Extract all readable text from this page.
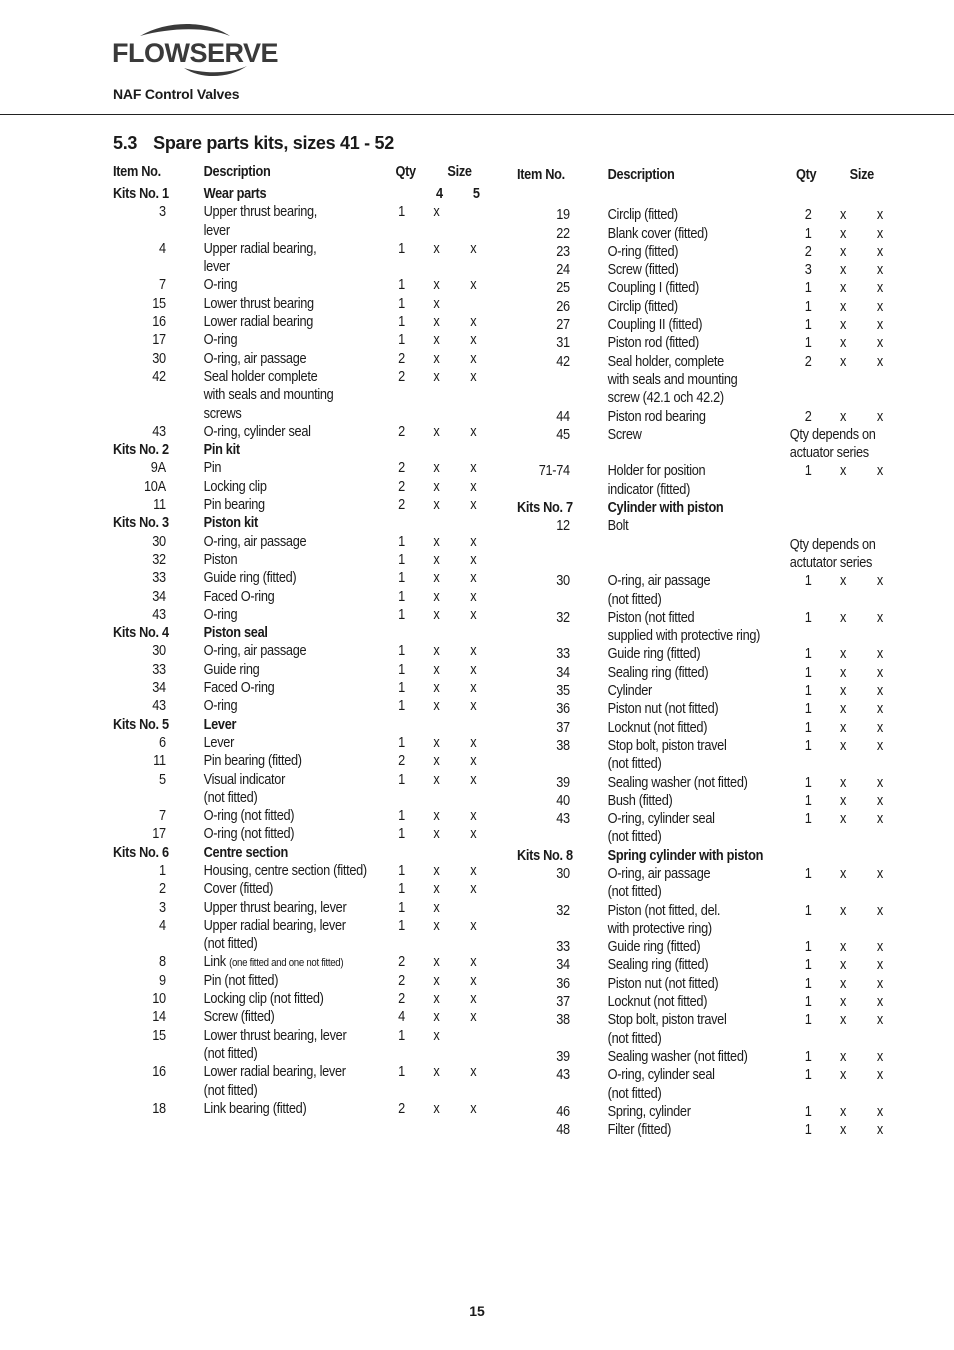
FLOWSERVE
NAF Control Valves
5.3 Spare parts kits, sizes 41 - 52
Item No.	Description	Qty Size
Kits No. 1 Wear parts	4 5
3	Upper thrust bearing,	1 x
lever
4	Upper radial bearing,	1 x x
lever
7	O-ring	1 x x
15	Lower thrust bearing	1 x
16	Lower radial bearing	1 x x
17	O-ring	1 x x
30	O-ring, air passage	2 x x
42	Seal holder complete	2 x x
with seals and mounting
screws
43	O-ring, cylinder seal	2 x x
Kits No. 2 Pin kit
9A	Pin	2 x x
10A	Locking clip	2 x x
11	Pin bearing	2 x x
Kits No. 3 Piston kit
30	O-ring, air passage	1 x x
32	Piston	1 x x
33	Guide ring (fitted)	1 x x
34	Faced O-ring	1 x x
43	O-ring	1 x x
Kits No. 4 Piston seal
30	O-ring, air passage	1 x x
33	Guide ring	1 x x
34	Faced O-ring	1 x x
43	O-ring	1 x x
Kits No. 5 Lever
6	Lever	1 x x
11	Pin bearing (fitted)	2 x x
5	Visual indicator	1 x x
(not fitted)
7	O-ring (not fitted)	1 x x
17	O-ring (not fitted)	1 x x
Kits No. 6 Centre section
1	Housing, centre section (fitted) 1 x x
2	Cover (fitted)	1 x x
3	Upper thrust bearing, lever	1 x
4	Upper radial bearing, lever	1 x x
(not fitted)
8	Link (one fitted and one not fitted)	2 x x
9	Pin (not fitted)	2 x x
10	Locking clip (not fitted)	2 x x
14	Screw (fitted)	4 x x
15	Lower thrust bearing, lever	1 x
(not fitted)
16	Lower radial bearing, lever	1 x x
(not fitted)
18	Link bearing (fitted)	2 x x
Item No.	Description	Qty Size
19	Circlip (fitted)	2 x x
22	Blank cover (fitted)	1 x x
23	O-ring (fitted)	2 x x
24	Screw (fitted)	3 x x
25	Coupling I (fitted)	1 x x
26	Circlip (fitted)	1 x x
27	Coupling II (fitted)	1 x x
31	Piston rod (fitted)	1 x x
42	Seal holder, complete	2 x x
with seals and mounting
screw (42.1 och 42.2)
44	Piston rod bearing	2 x x
45	Screw	Qty depends on
actuator series
71-74	Holder for position	1 x x
indicator (fitted)
Kits No. 7 Cylinder with piston
12	Bolt
Qty depends on
actutator series
30	O-ring, air passage	1 x x
(not fitted)
32	Piston (not fitted	1 x x
supplied with protective ring)
33	Guide ring (fitted)	1 x x
34	Sealing ring (fitted)	1 x x
35	Cylinder	1 x x
36	Piston nut (not fitted)	1 x x
37	Locknut (not fitted)	1 x x
38	Stop bolt, piston travel	1 x x
(not fitted)
39	Sealing washer (not fitted)	1 x x
40	Bush (fitted)	1 x x
43	O-ring, cylinder seal	1 x x
(not fitted)
Kits No. 8 Spring cylinder with piston
30	O-ring, air passage	1 x x
(not fitted)
32	Piston (not fitted, del.	1 x x
with protective ring)
33	Guide ring (fitted)	1 x x
34	Sealing ring (fitted)	1 x x
36	Piston nut (not fitted)	1 x x
37	Locknut (not fitted)	1 x x
38	Stop bolt, piston travel	1 x x
(not fitted)
39	Sealing washer (not fitted)	1 x x
43	O-ring, cylinder seal	1 x x
(not fitted)
46	Spring, cylinder	1 x x
48	Filter (fitted)	1 x x
15
